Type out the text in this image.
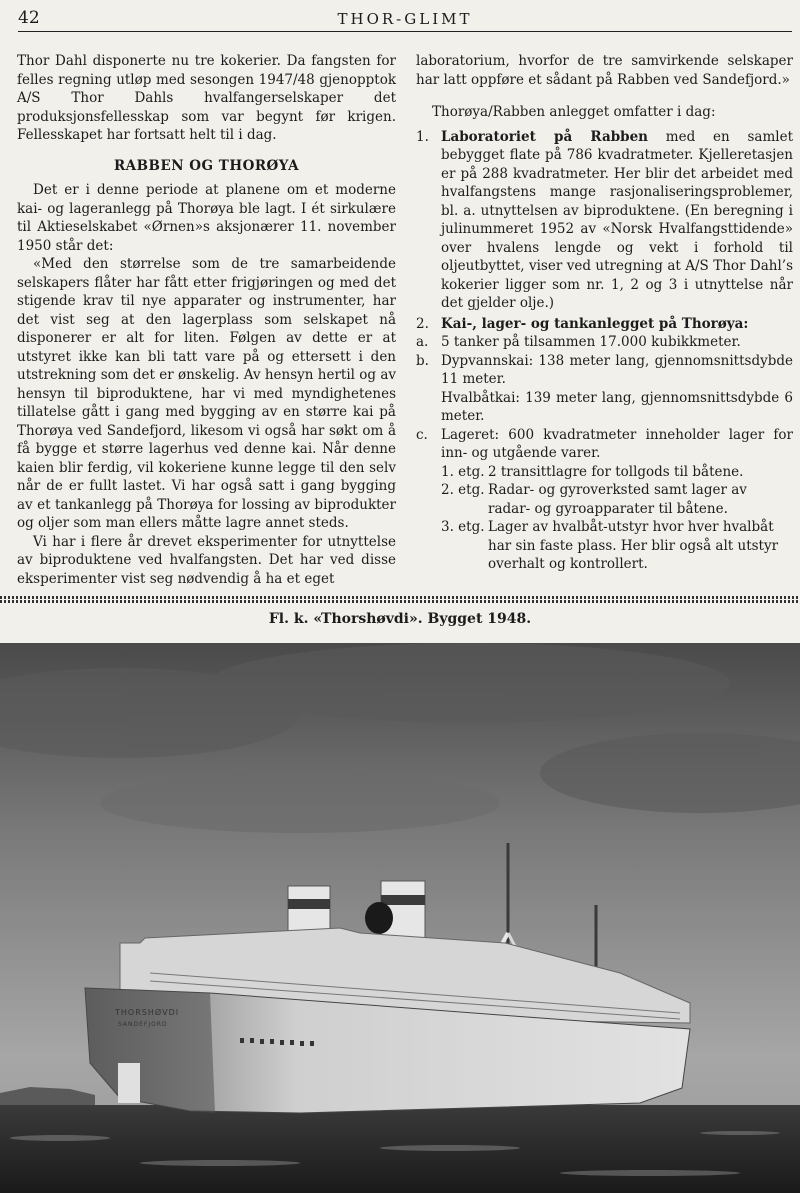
42	THOR-GLIMT

Thor Dahl disponerte nu tre kokerier. Da fangsten for felles regning utløp med sesongen 1947/48 gjenopptok A/S Thor Dahls hvalfangerselskaper det produksjonsfellesskap som var begynt før krigen. Fellesskapet har fortsatt helt til i dag.

RABBEN OG THORØYA

Det er i denne periode at planene om et moderne kai- og lageranlegg på Thorøya ble lagt. I ét sirkulære til Aktieselskabet «Ørnen»s aksjonærer 11. november 1950 står det:

«Med den størrelse som de tre samarbeidende selskapers flåter har fått etter frigjøringen og med det stigende krav til nye apparater og instrumenter, har det vist seg at den lagerplass som selskapet nå disponerer er alt for liten. Følgen av dette er at utstyret ikke kan bli tatt vare på og ettersett i den utstrekning som det er ønskelig. Av hensyn hertil og av hensyn til biproduktene, har vi med myndighetenes tillatelse gått i gang med bygging av en større kai på Thorøya ved Sandefjord, likesom vi også har søkt om å få bygge et større lagerhus ved denne kai. Når denne kaien blir ferdig, vil kokeriene kunne legge til den selv når de er fullt lastet. Vi har også satt i gang bygging av et tankanlegg på Thorøya for lossing av biprodukter og oljer som man ellers måtte lagre annet steds.

Vi har i flere år drevet eksperimenter for utnyttelse av biproduktene ved hvalfangsten. Det har ved disse eksperimenter vist seg nødvendig å ha et eget

laboratorium, hvorfor de tre samvirkende selskaper har latt oppføre et sådant på Rabben ved Sandefjord.»

Thorøya/Rabben anlegget omfatter i dag:

1. Laboratoriet på Rabben med en samlet bebygget flate på 786 kvadratmeter. Kjelleretasjen er på 288 kvadratmeter. Her blir det arbeidet med hvalfangstens mange rasjonaliseringsproblemer, bl. a. utnyttelsen av biproduktene. (En beregning i julinummeret 1952 av «Norsk Hvalfangsttidende» over hvalens lengde og vekt i forhold til oljeutbyttet, viser ved utregning at A/S Thor Dahl’s kokerier ligger som nr. 1, 2 og 3 i utnyttelse når det gjelder olje.)
2. Kai-, lager- og tankanlegget på Thorøya:
a. 5 tanker på tilsammen 17.000 kubikkmeter.
b. Dypvannskai: 138 meter lang, gjennomsnittsdybde 11 meter.
Hvalbåtkai: 139 meter lang, gjennomsnittsdybde 6 meter.
c. Lageret: 600 kvadratmeter inneholder lager for inn- og utgående varer.
1. etg. 2 transittlagre for tollgods til båtene.
2. etg. Radar- og gyroverksted samt lager av radar- og gyroapparater til båtene.
3. etg. Lager av hvalbåt-utstyr hvor hver hvalbåt har sin faste plass. Her blir også alt utstyr overhalt og kontrollert.
Fl. k. «Thorshøvdi». Bygget 1948.
THORSHØVDI
SANDEFJORD
